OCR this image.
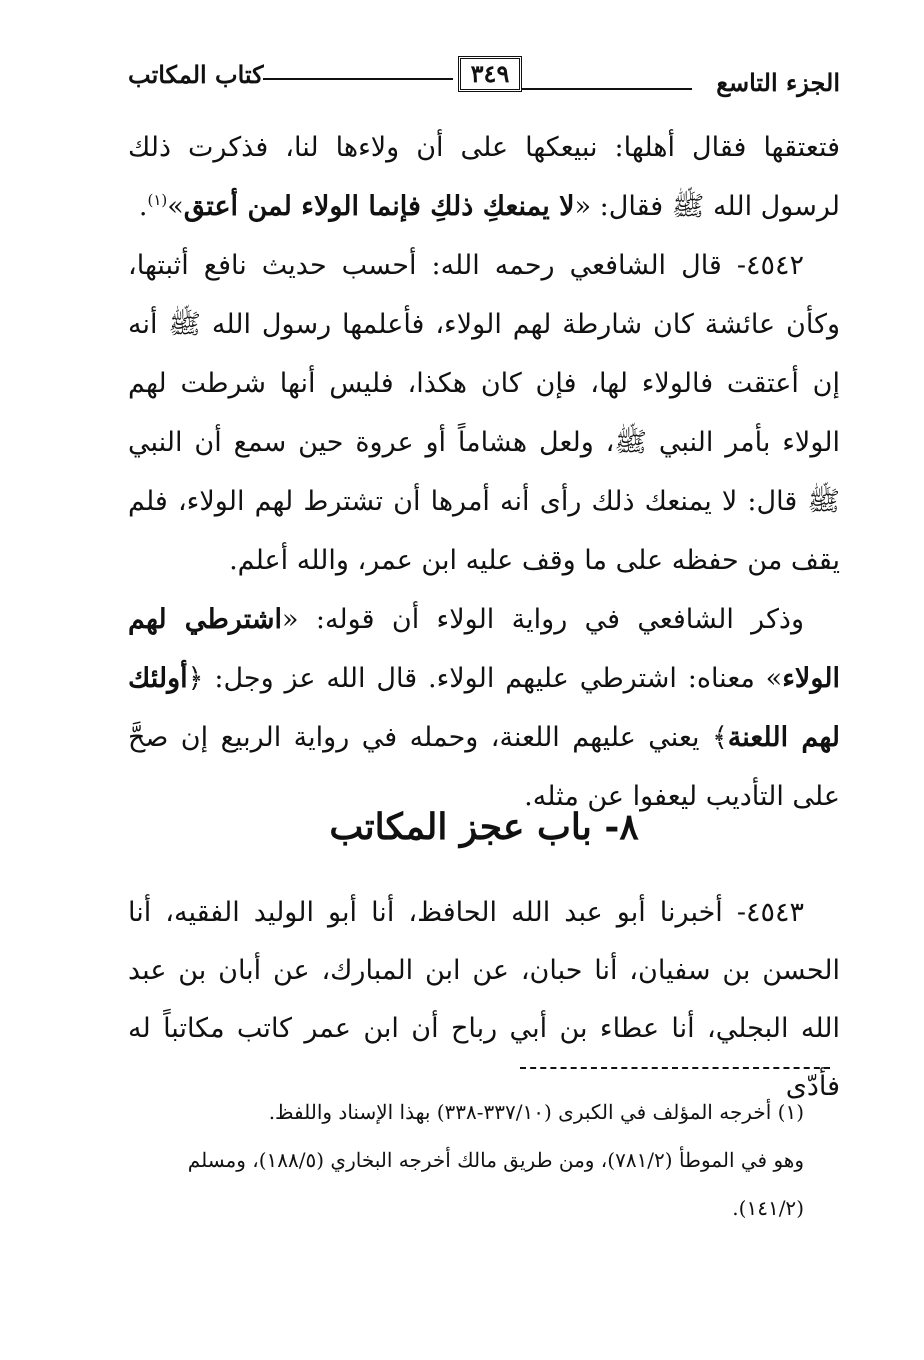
الجزء التاسع
٣٤٩
كتاب المكاتب

فتعتقها فقال أهلها: نبيعكها على أن ولاءها لنا، فذكرت ذلك لرسول الله ﷺ فقال: «لا يمنعكِ ذلكِ فإنما الولاء لمن أعتق»$^{(١)}$.

٤٥٤٢- قال الشافعي رحمه الله: أحسب حديث نافع أثبتها، وكأن عائشة كان شارطة لهم الولاء، فأعلمها رسول الله ﷺ أنه إن أعتقت فالولاء لها، فإن كان هكذا، فليس أنها شرطت لهم الولاء بأمر النبي ﷺ، ولعل هشاماً أو عروة حين سمع أن النبي ﷺ قال: لا يمنعك ذلك رأى أنه أمرها أن تشترط لهم الولاء، فلم يقف من حفظه على ما وقف عليه ابن عمر، والله أعلم.

وذكر الشافعي في رواية الولاء أن قوله: «اشترطي لهم الولاء» معناه: اشترطي عليهم الولاء. قال الله عز وجل: ﴿أولئك لهم اللعنة﴾ يعني عليهم اللعنة، وحمله في رواية الربيع إن صحَّ على التأديب ليعفوا عن مثله.

٨- باب عجز المكاتب

٤٥٤٣- أخبرنا أبو عبد الله الحافظ، أنا أبو الوليد الفقيه، أنا الحسن بن سفيان، أنا حبان، عن ابن المبارك، عن أبان بن عبد الله البجلي، أنا عطاء بن أبي رباح أن ابن عمر كاتب مكاتباً له فأدّى

(١) أخرجه المؤلف في الكبرى (٣٣٧/١٠-٣٣٨) بهذا الإسناد واللفظ.

وهو في الموطأ (٧٨١/٢)، ومن طريق مالك أخرجه البخاري (١٨٨/٥)، ومسلم (١٤١/٢).
